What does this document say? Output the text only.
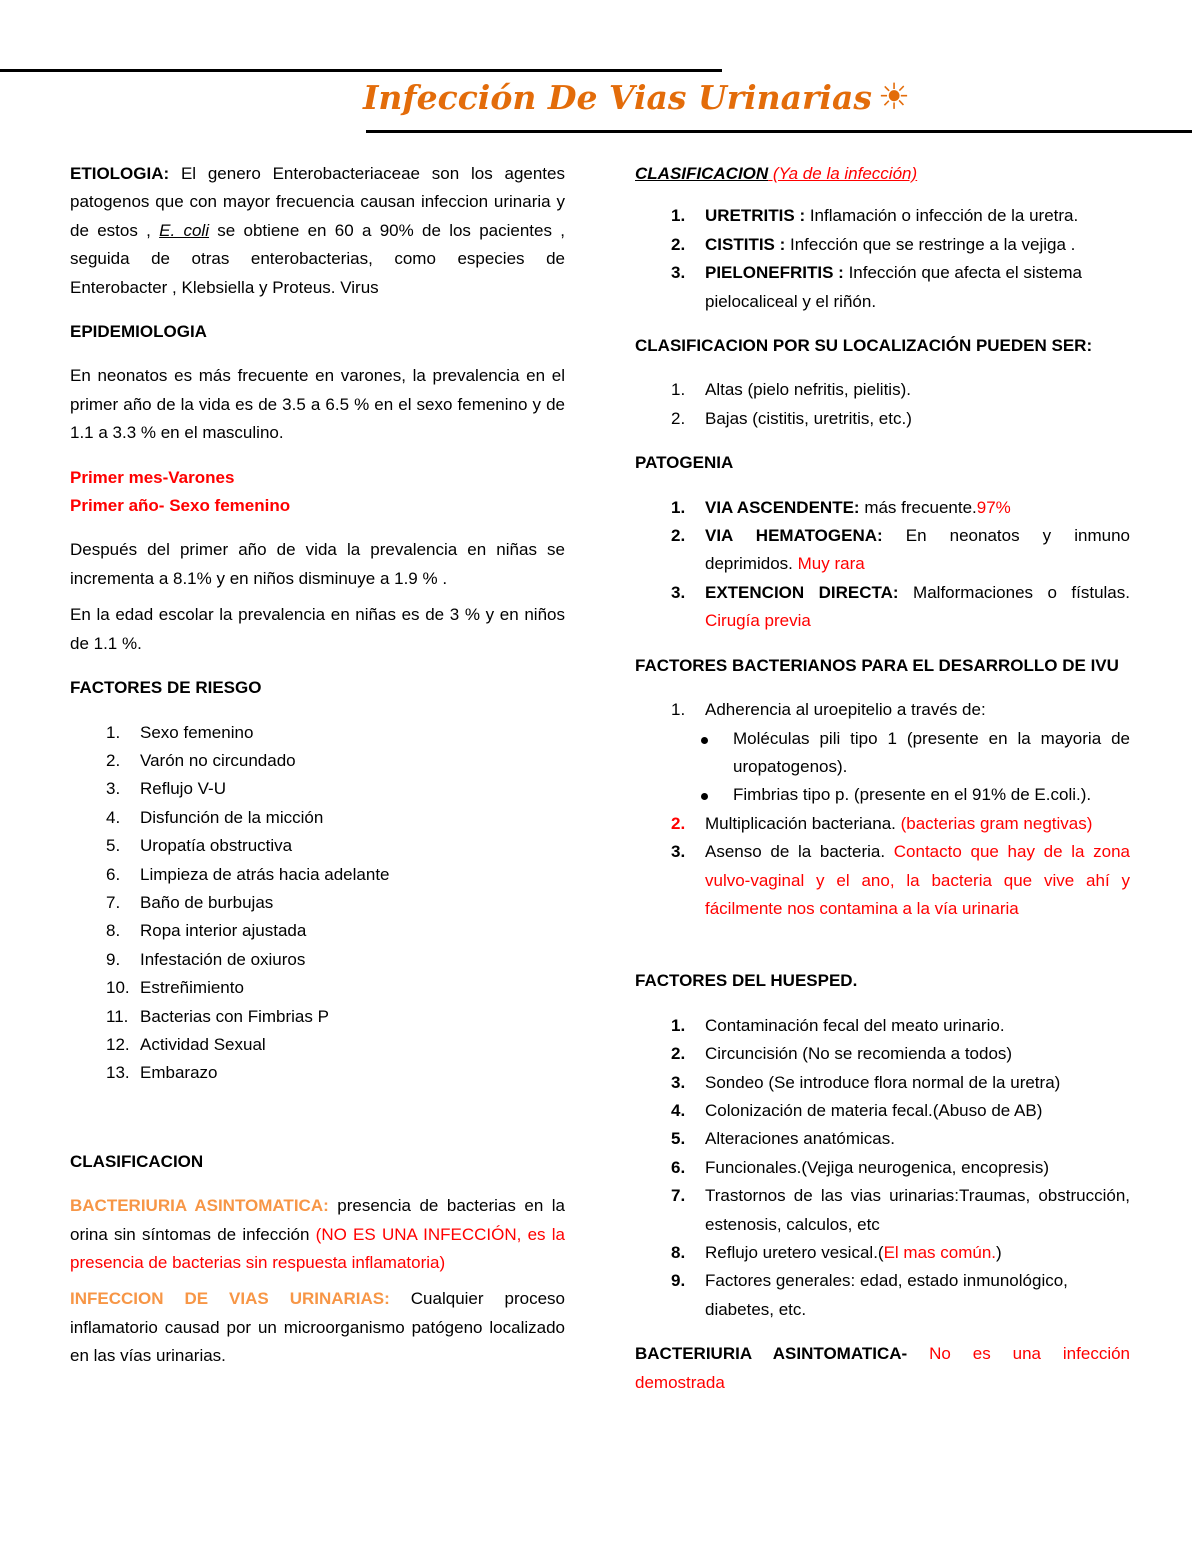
Infección De Vias Urinarias ☀

ETIOLOGIA: El genero Enterobacteriaceae son los agentes patogenos que con mayor frecuencia causan infeccion urinaria y de estos , E. coli se obtiene en 60 a 90% de los pacientes , seguida de otras enterobacterias, como especies de Enterobacter , Klebsiella y Proteus. Virus

EPIDEMIOLOGIA

En neonatos es más frecuente en varones, la prevalencia en el primer año de la vida es de 3.5 a 6.5 % en el sexo femenino y de 1.1 a 3.3 % en el masculino.

Primer mes-Varones

Primer año- Sexo femenino

Después del primer año de vida la prevalencia en niñas se incrementa a 8.1% y en niños disminuye a 1.9 % .

En la edad escolar la prevalencia en niñas es de 3 % y en niños de 1.1 %.

FACTORES DE RIESGO

1.	Sexo femenino
2.	Varón no circundado
3.	Reflujo V-U
4.	Disfunción de la micción
5.	Uropatía obstructiva
6.	Limpieza de atrás hacia adelante
7.	Baño de burbujas
8.	Ropa interior ajustada
9.	Infestación de oxiuros
10. Estreñimiento
11. Bacterias con Fimbrias P
12. Actividad Sexual
13. Embarazo

CLASIFICACION

BACTERIURIA ASINTOMATICA: presencia de bacterias en la orina sin síntomas de infección (NO ES UNA INFECCIÓN, es la presencia de bacterias sin respuesta inflamatoria)

INFECCION DE VIAS URINARIAS: Cualquier proceso inflamatorio causad por un microorganismo patógeno localizado en las vías urinarias.

CLASIFICACION (Ya de la infección)

1.	URETRITIS : Inflamación o infección de la uretra.
2.	CISTITIS : Infección que se restringe a la vejiga .
3.	PIELONEFRITIS : Infección que afecta el sistema pielocaliceal y el riñón.

CLASIFICACION POR SU LOCALIZACIÓN PUEDEN SER:

1.	Altas (pielo nefritis, pielitis).
2.	Bajas (cistitis, uretritis, etc.)

PATOGENIA

1.	VIA ASCENDENTE: más frecuente.97%
2.	VIA HEMATOGENA: En neonatos y inmuno deprimidos. Muy rara
3.	EXTENCION DIRECTA: Malformaciones o fístulas. Cirugía previa

FACTORES BACTERIANOS PARA EL DESARROLLO DE IVU

1.	Adherencia al uroepitelio a través de:
Moléculas pili tipo 1 (presente en la mayoria de uropatogenos).
Fimbrias tipo p. (presente en el 91% de E.coli.).
2.	Multiplicación bacteriana. (bacterias gram negtivas)
3.	Asenso de la bacteria. Contacto que hay de la zona vulvo-vaginal y el ano, la bacteria que vive ahí y fácilmente nos contamina a la vía urinaria

FACTORES DEL HUESPED.

1.	Contaminación fecal del meato urinario.
2.	Circuncisión (No se recomienda a todos)
3.	Sondeo (Se introduce flora normal de la uretra)
4.	Colonización de materia fecal.(Abuso de AB)
5.	Alteraciones anatómicas.
6.	Funcionales.(Vejiga neurogenica, encopresis)
7.	Trastornos de las vias urinarias:Traumas, obstrucción, estenosis, calculos, etc
8.	Reflujo uretero vesical.(El mas común.)
9.	Factores generales: edad, estado inmunológico, diabetes, etc.

BACTERIURIA ASINTOMATICA- No es una infección demostrada
